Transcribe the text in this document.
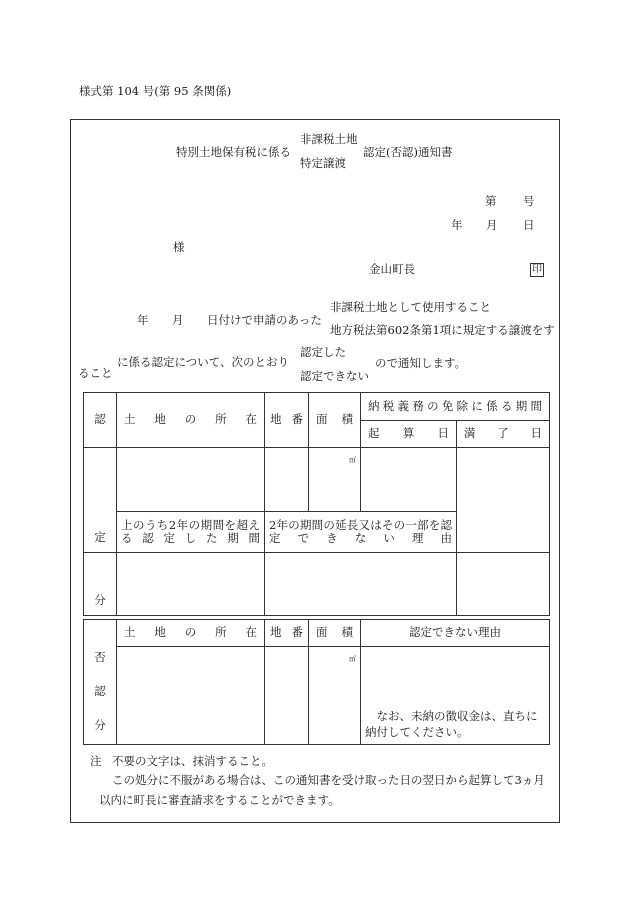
様式第 104 号(第 95 条関係)
特別土地保有税に係る
非課税土地
特定譲渡
認定(否認)通知書
第 号
年 月 日
様
金山町長	印
年 月 日付けで申請のあった
非課税土地として使用すること
地方税法第602条第1項に規定する譲渡をす
ること
に係る認定について、次のとおり
認定した
認定できない
ので通知します。
認	土地の所在	地番	面積	納税義務の免除に係る期間	

				起算日	満了日

定			㎡		

	上のうち2年の期間を超える認定した期間	2年の期間の延長又はその一部を認定できない理由			

分					
否
認
分	土地の所在	地番	面積	認定できない理由
			㎡	なお、未納の徴収金は、直ちに納付してください。
注 不要の文字は、抹消すること。
この処分に不服がある場合は、この通知書を受け取った日の翌日から起算して3ヵ月
以内に町長に審査請求をすることができます。
